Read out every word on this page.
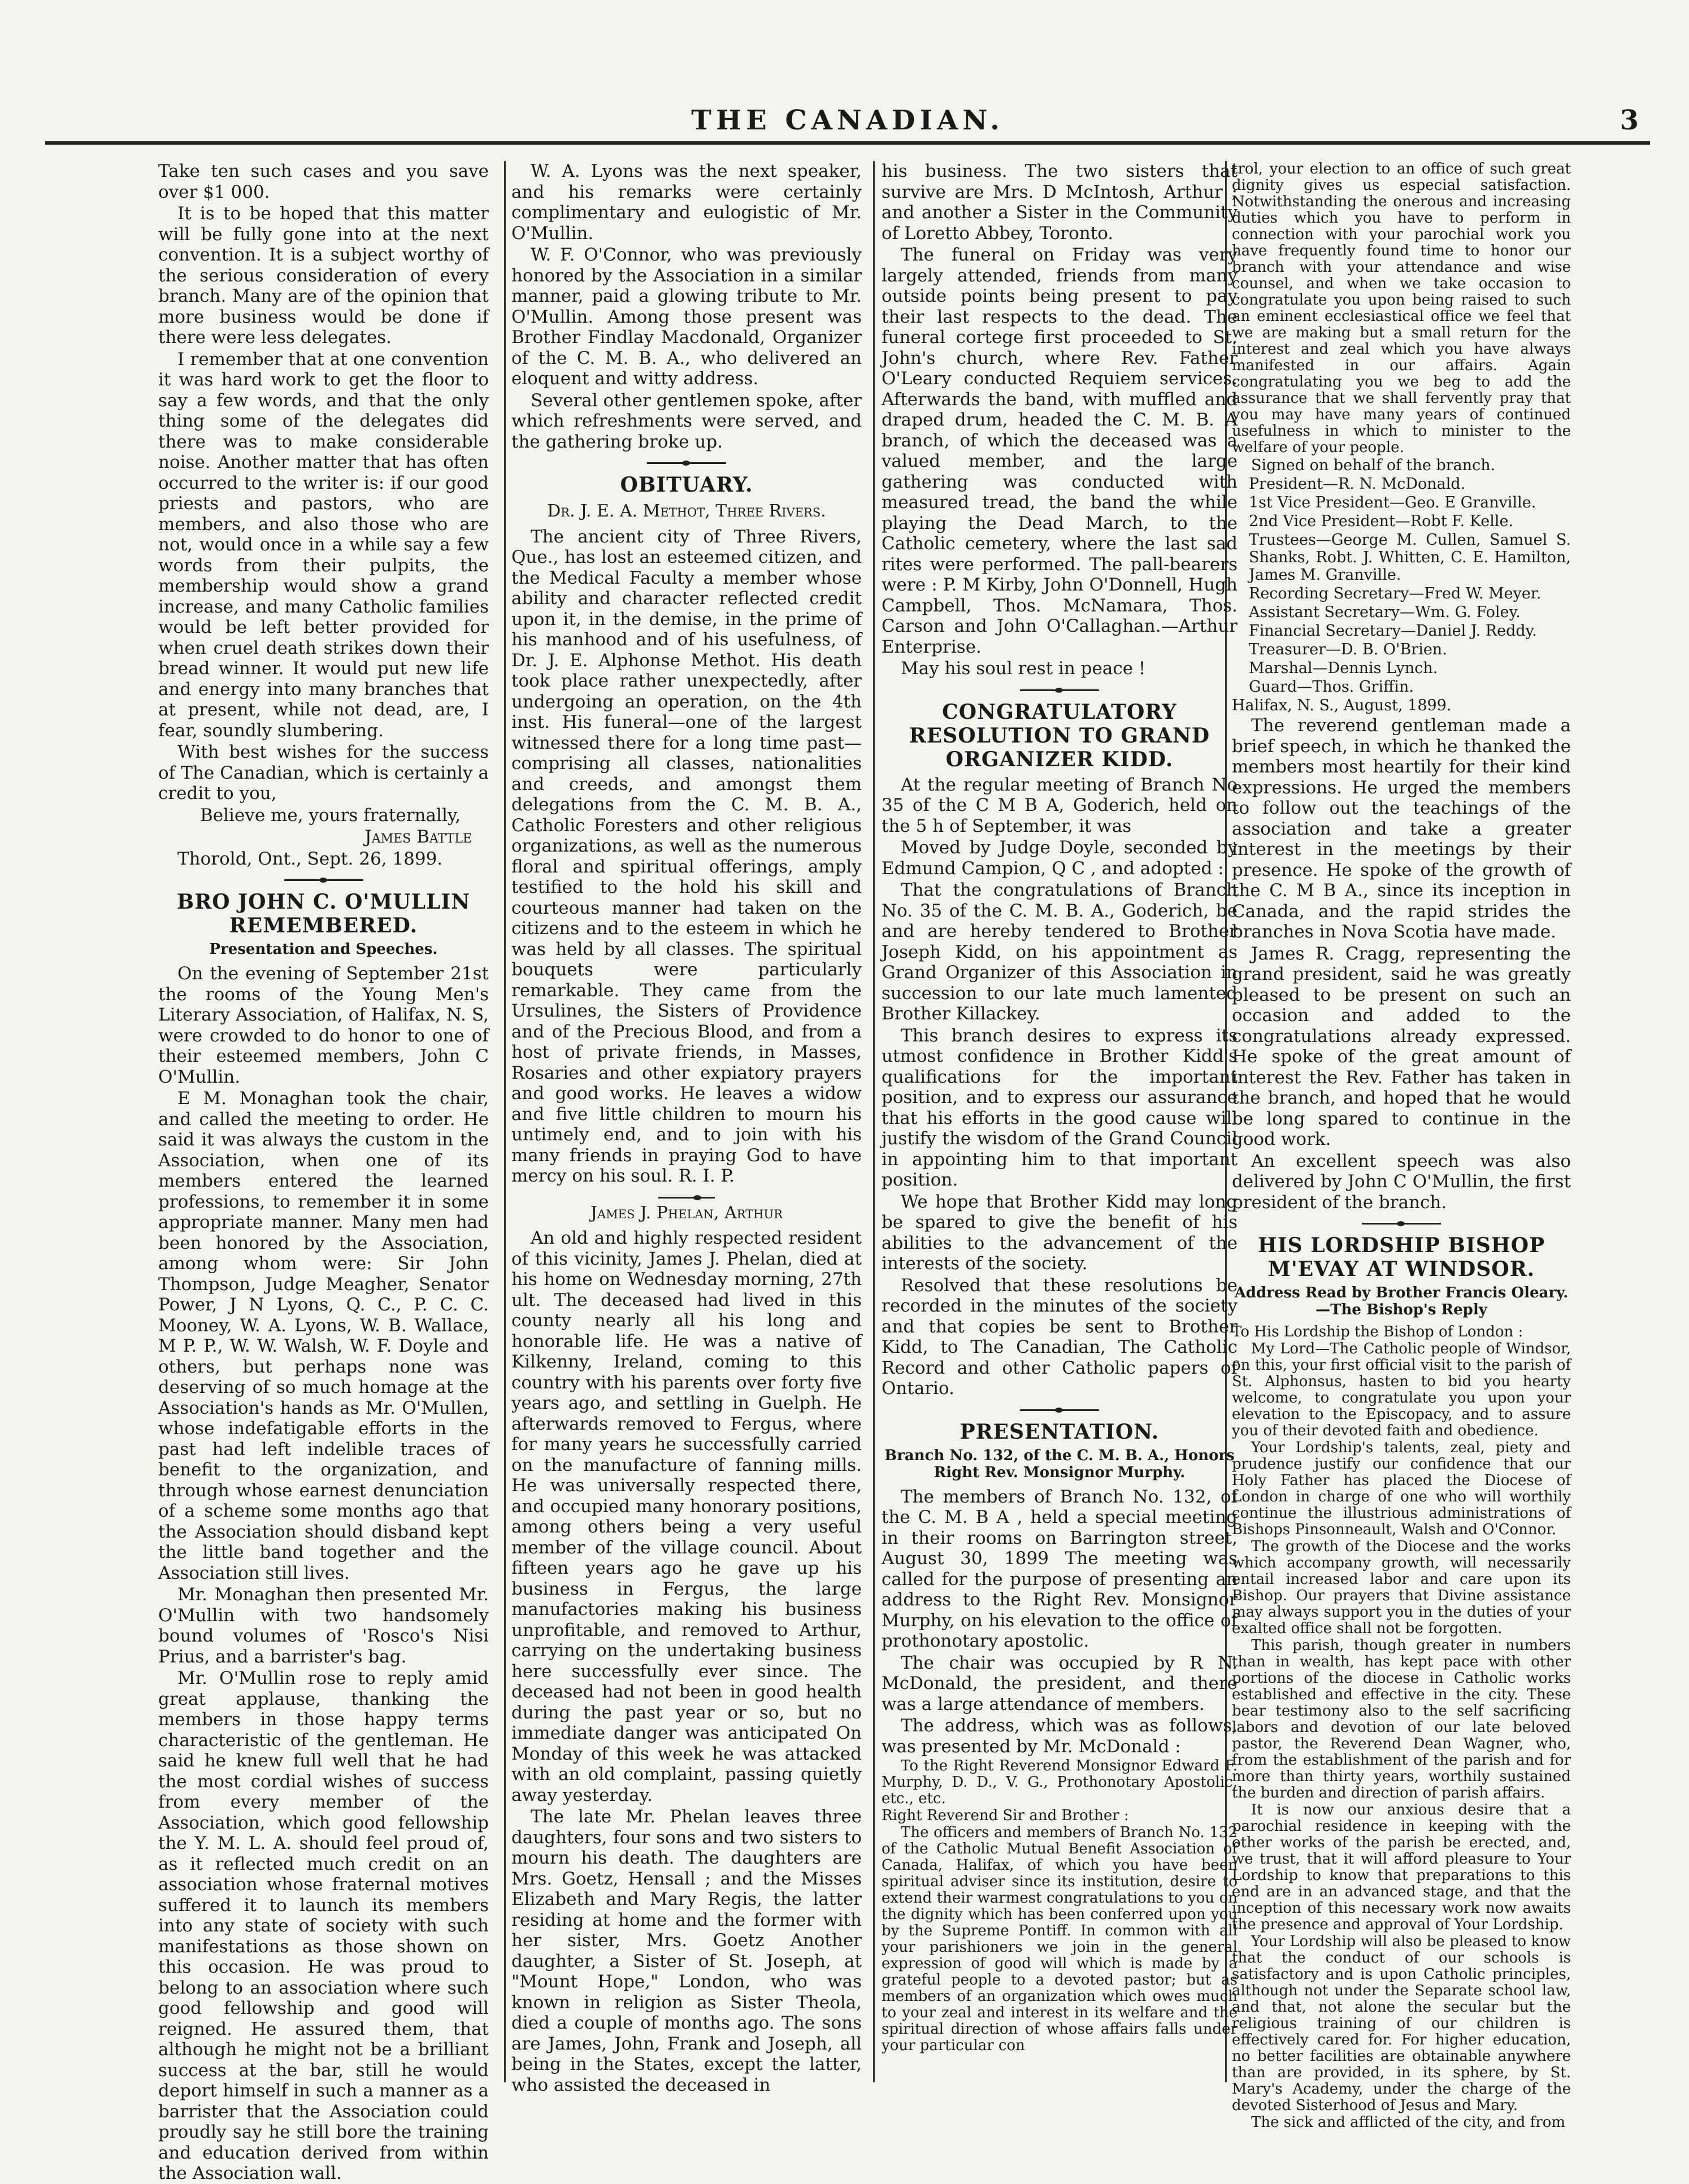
THE CANADIAN.	3

Take ten such cases and you save over $1 000.

It is to be hoped that this matter will be fully gone into at the next convention. It is a subject worthy of the serious consideration of every branch. Many are of the opinion that more business would be done if there were less delegates.

I remember that at one convention it was hard work to get the floor to say a few words, and that the only thing some of the delegates did there was to make considerable noise. Another matter that has often occurred to the writer is: if our good priests and pastors, who are members, and also those who are not, would once in a while say a few words from their pulpits, the membership would show a grand increase, and many Catholic families would be left better provided for when cruel death strikes down their bread winner. It would put new life and energy into many branches that at present, while not dead, are, I fear, soundly slumbering.

With best wishes for the success of The Canadian, which is certainly a credit to you,

Believe me, yours fraternally,

James Battle

Thorold, Ont., Sept. 26, 1899.

BRO JOHN C. O'MULLIN REMEMBERED.
Presentation and Speeches.

On the evening of September 21st the rooms of the Young Men's Literary Association, of Halifax, N. S, were crowded to do honor to one of their esteemed members, John C O'Mullin.

E M. Monaghan took the chair, and called the meeting to order. He said it was always the custom in the Association, when one of its members entered the learned professions, to remember it in some appropriate manner. Many men had been honored by the Association, among whom were: Sir John Thompson, Judge Meagher, Senator Power, J N Lyons, Q. C., P. C. C. Mooney, W. A. Lyons, W. B. Wallace, M P. P., W. W. Walsh, W. F. Doyle and others, but perhaps none was deserving of so much homage at the Association's hands as Mr. O'Mullen, whose indefatigable efforts in the past had left indelible traces of benefit to the organization, and through whose earnest denunciation of a scheme some months ago that the Association should disband kept the little band together and the Association still lives.

Mr. Monaghan then presented Mr. O'Mullin with two handsomely bound volumes of 'Rosco's Nisi Prius, and a barrister's bag.

Mr. O'Mullin rose to reply amid great applause, thanking the members in those happy terms characteristic of the gentleman. He said he knew full well that he had the most cordial wishes of success from every member of the Association, which good fellowship the Y. M. L. A. should feel proud of, as it reflected much credit on an association whose fraternal motives suffered it to launch its members into any state of society with such manifestations as those shown on this occasion. He was proud to belong to an association where such good fellowship and good will reigned. He assured them, that although he might not be a brilliant success at the bar, still he would deport himself in such a manner as a barrister that the Association could proudly say he still bore the training and education derived from within the Association wall.

W. A. Lyons was the next speaker, and his remarks were certainly complimentary and eulogistic of Mr. O'Mullin.

W. F. O'Connor, who was previously honored by the Association in a similar manner, paid a glowing tribute to Mr. O'Mullin. Among those present was Brother Findlay Macdonald, Organizer of the C. M. B. A., who delivered an eloquent and witty address.

Several other gentlemen spoke, after which refreshments were served, and the gathering broke up.

OBITUARY.
Dr. J. E. A. Methot, Three Rivers.

The ancient city of Three Rivers, Que., has lost an esteemed citizen, and the Medical Faculty a member whose ability and character reflected credit upon it, in the demise, in the prime of his manhood and of his usefulness, of Dr. J. E. Alphonse Methot. His death took place rather unexpectedly, after undergoing an operation, on the 4th inst. His funeral—one of the largest witnessed there for a long time past—comprising all classes, nationalities and creeds, and amongst them delegations from the C. M. B. A., Catholic Foresters and other religious organizations, as well as the numerous floral and spiritual offerings, amply testified to the hold his skill and courteous manner had taken on the citizens and to the esteem in which he was held by all classes. The spiritual bouquets were particularly remarkable. They came from the Ursulines, the Sisters of Providence and of the Precious Blood, and from a host of private friends, in Masses, Rosaries and other expiatory prayers and good works. He leaves a widow and five little children to mourn his untimely end, and to join with his many friends in praying God to have mercy on his soul. R. I. P.

James J. Phelan, Arthur

An old and highly respected resident of this vicinity, James J. Phelan, died at his home on Wednesday morning, 27th ult. The deceased had lived in this county nearly all his long and honorable life. He was a native of Kilkenny, Ireland, coming to this country with his parents over forty five years ago, and settling in Guelph. He afterwards removed to Fergus, where for many years he successfully carried on the manufacture of fanning mills. He was universally respected there, and occupied many honorary positions, among others being a very useful member of the village council. About fifteen years ago he gave up his business in Fergus, the large manufactories making his business unprofitable, and removed to Arthur, carrying on the undertaking business here successfully ever since. The deceased had not been in good health during the past year or so, but no immediate danger was anticipated On Monday of this week he was attacked with an old complaint, passing quietly away yesterday.

The late Mr. Phelan leaves three daughters, four sons and two sisters to mourn his death. The daughters are Mrs. Goetz, Hensall ; and the Misses Elizabeth and Mary Regis, the latter residing at home and the former with her sister, Mrs. Goetz Another daughter, a Sister of St. Joseph, at "Mount Hope," London, who was known in religion as Sister Theola, died a couple of months ago. The sons are James, John, Frank and Joseph, all being in the States, except the latter, who assisted the deceased in

his business. The two sisters that survive are Mrs. D McIntosh, Arthur ; and another a Sister in the Community of Loretto Abbey, Toronto.

The funeral on Friday was very largely attended, friends from many outside points being present to pay their last respects to the dead. The funeral cortege first proceeded to St. John's church, where Rev. Father O'Leary conducted Requiem services. Afterwards the band, with muffled and draped drum, headed the C. M. B. A branch, of which the deceased was a valued member, and the large gathering was conducted with measured tread, the band the while playing the Dead March, to the Catholic cemetery, where the last sad rites were performed. The pall-bearers were : P. M Kirby, John O'Donnell, Hugh Campbell, Thos. McNamara, Thos. Carson and John O'Callaghan.—Arthur Enterprise.

May his soul rest in peace !

CONGRATULATORY RESOLUTION TO GRAND ORGANIZER KIDD.

At the regular meeting of Branch No 35 of the C M B A, Goderich, held on the 5 h of September, it was

Moved by Judge Doyle, seconded by Edmund Campion, Q C , and adopted :

That the congratulations of Branch No. 35 of the C. M. B. A., Goderich, be and are hereby tendered to Brother Joseph Kidd, on his appointment as Grand Organizer of this Association in succession to our late much lamented Brother Killackey.

This branch desires to express its utmost confidence in Brother Kidd's qualifications for the important position, and to express our assurance that his efforts in the good cause will justify the wisdom of the Grand Council in appointing him to that important position.

We hope that Brother Kidd may long be spared to give the benefit of his abilities to the advancement of the interests of the society.

Resolved that these resolutions be recorded in the minutes of the society and that copies be sent to Brother Kidd, to The Canadian, The Catholic Record and other Catholic papers of Ontario.

PRESENTATION.
Branch No. 132, of the C. M. B. A., Honors Right Rev. Monsignor Murphy.

The members of Branch No. 132, of the C. M. B A , held a special meeting in their rooms on Barrington street, August 30, 1899 The meeting was called for the purpose of presenting an address to the Right Rev. Monsignor Murphy, on his elevation to the office of prothonotary apostolic.

The chair was occupied by R N. McDonald, the president, and there was a large attendance of members.

The address, which was as follows, was presented by Mr. McDonald :

To the Right Reverend Monsignor Edward F. Murphy, D. D., V. G., Prothonotary Apostolic, etc., etc.

Right Reverend Sir and Brother :

The officers and members of Branch No. 132 of the Catholic Mutual Benefit Association of Canada, Halifax, of which you have been spiritual adviser since its institution, desire to extend their warmest congratulations to you on the dignity which has been conferred upon you by the Supreme Pontiff. In common with all your parishioners we join in the general expression of good will which is made by a grateful people to a devoted pastor; but as members of an organization which owes much to your zeal and interest in its welfare and the spiritual direction of whose affairs falls under your particular con

trol, your election to an office of such great dignity gives us especial satisfaction. Notwithstanding the onerous and increasing duties which you have to perform in connection with your parochial work you have frequently found time to honor our branch with your attendance and wise counsel, and when we take occasion to congratulate you upon being raised to such an eminent ecclesiastical office we feel that we are making but a small return for the interest and zeal which you have always manifested in our affairs. Again congratulating you we beg to add the assurance that we shall fervently pray that you may have many years of continued usefulness in which to minister to the welfare of your people.

Signed on behalf of the branch.

President—R. N. McDonald.

1st Vice President—Geo. E Granville.

2nd Vice President—Robt F. Kelle.

Trustees—George M. Cullen, Samuel S. Shanks, Robt. J. Whitten, C. E. Hamilton, James M. Granville.

Recording Secretary—Fred W. Meyer.

Assistant Secretary—Wm. G. Foley.

Financial Secretary—Daniel J. Reddy.

Treasurer—D. B. O'Brien.

Marshal—Dennis Lynch.

Guard—Thos. Griffin.

Halifax, N. S., August, 1899.

The reverend gentleman made a brief speech, in which he thanked the members most heartily for their kind expressions. He urged the members to follow out the teachings of the association and take a greater interest in the meetings by their presence. He spoke of the growth of the C. M B A., since its inception in Canada, and the rapid strides the branches in Nova Scotia have made.

James R. Cragg, representing the grand president, said he was greatly pleased to be present on such an occasion and added to the congratulations already expressed. He spoke of the great amount of interest the Rev. Father has taken in the branch, and hoped that he would be long spared to continue in the good work.

An excellent speech was also delivered by John C O'Mullin, the first president of the branch.

HIS LORDSHIP BISHOP M'EVAY AT WINDSOR.
Address Read by Brother Francis Oleary.—The Bishop's Reply

To His Lordship the Bishop of London :

My Lord—The Catholic people of Windsor, on this, your first official visit to the parish of St. Alphonsus, hasten to bid you hearty welcome, to congratulate you upon your elevation to the Episcopacy, and to assure you of their devoted faith and obedience.

Your Lordship's talents, zeal, piety and prudence justify our confidence that our Holy Father has placed the Diocese of London in charge of one who will worthily continue the illustrious administrations of Bishops Pinsonneault, Walsh and O'Connor.

The growth of the Diocese and the works which accompany growth, will necessarily entail increased labor and care upon its Bishop. Our prayers that Divine assistance may always support you in the duties of your exalted office shall not be forgotten.

This parish, though greater in numbers than in wealth, has kept pace with other portions of the diocese in Catholic works established and effective in the city. These bear testimony also to the self sacrificing labors and devotion of our late beloved pastor, the Reverend Dean Wagner, who, from the establishment of the parish and for more than thirty years, worthily sustained the burden and direction of parish affairs.

It is now our anxious desire that a parochial residence in keeping with the other works of the parish be erected, and, we trust, that it will afford pleasure to Your Lordship to know that preparations to this end are in an advanced stage, and that the inception of this necessary work now awaits the presence and approval of Your Lordship.

Your Lordship will also be pleased to know that the conduct of our schools is satisfactory and is upon Catholic principles, although not under the Separate school law, and that, not alone the secular but the religious training of our children is effectively cared for. For higher education, no better facilities are obtainable anywhere than are provided, in its sphere, by St. Mary's Academy, under the charge of the devoted Sisterhood of Jesus and Mary.

The sick and afflicted of the city, and from
